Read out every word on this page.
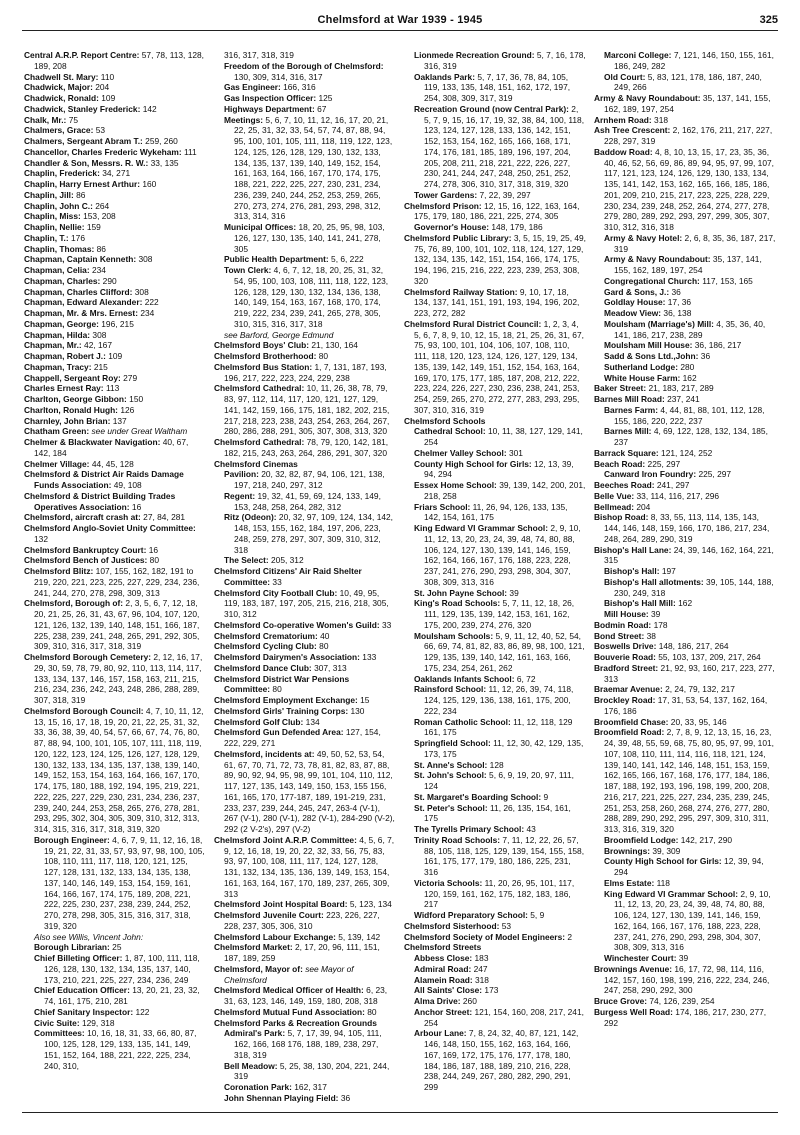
Chelmsford at War 1939 - 1945	325
Central A.R.P. Report Centre: 57, 78, 113, 128, 189, 208
Chadwell St. Mary: 110
Chadwick, Major: 204
Chadwick, Ronald: 109
Chadwick, Stanley Frederick: 142
Chalk, Mr.: 75
Chalmers, Grace: 53
Chalmers, Sergeant Abram T.: 259, 260
Chancellor, Charles Frederic Wykeham: 111
Chandler & Son, Messrs. R. W.: 33, 135
Chaplin, Frederick: 34, 271
Chaplin, Harry Ernest Arthur: 160
Chaplin, Jill: 86
Chaplin, John C.: 264
Chaplin, Miss: 153, 208
Chaplin, Nellie: 159
Chaplin, T.: 176
Chaplin, Thomas: 86
Chapman, Captain Kenneth: 308
Chapman, Celia: 234
Chapman, Charles: 290
Chapman, Charles Clifford: 308
Chapman, Edward Alexander: 222
Chapman, Mr. & Mrs. Ernest: 234
Chapman, George: 196, 215
Chapman, Hilda: 308
Chapman, Mr.: 42, 167
Chapman, Robert J.: 109
Chapman, Tracy: 215
Chappell, Sergeant Roy: 279
Charles Ernest Ray: 113
Charlton, George Gibbon: 150
Charlton, Ronald Hugh: 126
Charnley, John Brian: 137
Chatham Green: see under Great Waltham
Chelmer & Blackwater Navigation: 40, 67, 142, 184
Chelmer Village: 44, 45, 128
Chelmsford & District Air Raids Damage Funds Association: 49, 108
Chelmsford & District Building Trades Operatives Association: 16
Chelmsford, aircraft crash at: 27, 84, 281
Chelmsford Anglo-Soviet Unity Committee: 132
Chelmsford Bankruptcy Court: 16
Chelmsford Bench of Justices: 80
Chelmsford Blitz: 107, 155, 162, 182, 191 to 219, 220, 221, 223, 225, 227, 229, 234, 236, 241, 244, 270, 278, 298, 309, 313
Chelmsford, Borough of: 2, 3, 5, 6, 7, 12, 18, 20, 21, 25, 26, 31, 43, 67, 96, 104, 107, 120, 121, 126, 132, 139, 140, 148, 151, 166, 187, 225, 238, 239, 241, 248, 265, 291, 292, 305, 309, 310, 316, 317, 318, 319
Chelmsford Borough Cemetery: 2, 12, 16, 17, 29, 30, 59, 78, 79, 80, 92, 110, 113, 114, 117, 133, 134, 137, 146, 157, 158, 163, 211, 215, 216, 234, 236, 242, 243, 248, 286, 288, 289, 307, 318, 319
Chelmsford Borough Council: 4, 7, 10, 11, 12, 13, 15, 16, 17, 18, 19, 20, 21, 22, 25, 31, 32, 33, 36, 38, 39, 40, 54, 57, 66, 67, 74, 76, 80, 87, 88, 94, 100, 101, 105, 107, 111, 118, 119, 120, 122, 123, 124, 125, 126, 127, 128, 129, 130, 132, 133, 134, 135, 137, 138, 139, 140, 149, 152, 153, 154, 163, 164, 166, 167, 170, 174, 175, 180, 188, 192, 194, 195, 219, 221, 222, 225, 227, 229, 230, 231, 234, 236, 237, 239, 240, 244, 253, 258, 265, 276, 278, 281, 293, 295, 302, 304, 305, 309, 310, 312, 313, 314, 315, 316, 317, 318, 319, 320
Borough Engineer: 4, 6, 7, 9, 11, 12, 16, 18, 19, 21, 22, 31, 33, 57, 93, 97, 98, 100, 105, 108, 110, 111, 117, 118, 120, 121, 125, 127, 128, 131, 132, 133, 134, 135, 138, 137, 140, 146, 149, 153, 154, 159, 161, 164, 166, 167, 174, 175, 189, 208, 221, 222, 225, 230, 237, 238, 239, 244, 252, 270, 278, 298, 305, 315, 316, 317, 318, 319, 320
Also see Willis, Vincent John:
Borough Librarian: 25
Chief Billeting Officer: 1, 87, 100, 111, 118, 126, 128, 130, 132, 134, 135, 137, 140, 173, 210, 221, 225, 227, 234, 236, 249
Chief Education Officer: 13, 20, 21, 23, 32, 74, 161, 175, 210, 281
Chief Sanitary Inspector: 122
Civic Suite: 129, 318
Committees: 10, 16, 18, 31, 33, 66, 80, 87, 100, 125, 128, 129, 133, 135, 141, 149, 151, 152, 164, 188, 221, 222, 225, 234, 240, 310,
316, 317, 318, 319
Freedom of the Borough of Chelmsford: 130, 309, 314, 316, 317
Gas Engineer: 166, 316
Gas Inspection Officer: 125
Highways Department: 67
Meetings: 5, 6, 7, 10, 11, 12, 16, 17, 20, 21, 22, 25, 31, 32, 33, 54, 57, 74, 87, 88, 94, 95, 100, 101, 105, 111, 118, 119, 122, 123, 124, 125, 126, 128, 129, 130, 132, 133, 134, 135, 137, 139, 140, 149, 152, 154, 161, 163, 164, 166, 167, 170, 174, 175, 188, 221, 222, 225, 227, 230, 231, 234, 236, 239, 240, 244, 252, 253, 259, 265, 270, 273, 274, 276, 281, 293, 298, 312, 313, 314, 316
Municipal Offices: 18, 20, 25, 95, 98, 103, 126, 127, 130, 135, 140, 141, 241, 278, 305
Public Health Department: 5, 6, 222
Town Clerk: 4, 6, 7, 12, 18, 20, 25, 31, 32, 54, 95, 100, 103, 108, 111, 118, 122, 123, 126, 128, 129, 130, 132, 134, 136, 138, 140, 149, 154, 163, 167, 168, 170, 174, 219, 222, 234, 239, 241, 265, 278, 305, 310, 315, 316, 317, 318
see Barford, George Edmund
Chelmsford Boys' Club: 21, 130, 164
Chelmsford Brotherhood: 80
Chelmsford Bus Station: 1, 7, 131, 187, 193, 196, 217, 222, 223, 224, 229, 238
Chelmsford Cathedral: 10, 11, 26, 38, 78, 79, 83, 97, 112, 114, 117, 120, 121, 127, 129, 141, 142, 159, 166, 175, 181, 182, 202, 215, 217, 218, 223, 238, 243, 254, 263, 264, 267, 280, 286, 288, 291, 305, 307, 308, 313, 320
Chelmsford Cathedral: 78, 79, 120, 142, 181, 182, 215, 243, 263, 264, 286, 291, 307, 320
Chelmsford Cinemas
Pavilion: 20, 32, 82, 87, 94, 106, 121, 138, 197, 218, 240, 297, 312
Regent: 19, 32, 41, 59, 69, 124, 133, 149, 153, 248, 258, 264, 282, 312
Ritz (Odeon): 20, 32, 97, 109, 124, 134, 142, 148, 153, 155, 162, 184, 197, 206, 223, 248, 259, 278, 297, 307, 309, 310, 312, 318
The Select: 205, 312
Chelmsford Citizens' Air Raid Shelter Committee: 33
Chelmsford City Football Club: 10, 49, 95, 119, 183, 187, 197, 205, 215, 216, 218, 305, 310, 312
Chelmsford Co-operative Women's Guild: 33
Chelmsford Crematorium: 40
Chelmsford Cycling Club: 80
Chelmsford Dairymen's Association: 133
Chelmsford Dance Club: 307, 313
Chelmsford District War Pensions Committee: 80
Chelmsford Employment Exchange: 15
Chelmsford Girls' Training Corps: 130
Chelmsford Golf Club: 134
Chelmsford Gun Defended Area: 127, 154, 222, 229, 271
Chelmsford, incidents at: 49, 50, 52, 53, 54, 61, 67, 70, 71, 72, 73, 78, 81, 82, 83, 87, 88, 89, 90, 92, 94, 95, 98, 99, 101, 104, 110, 112, 117, 127, 135, 143, 149, 150, 153, 155 156, 161, 165, 170, 177-187, 189, 191-219, 231, 233, 237, 239, 244, 245, 247, 263-4 (V-1), 267 (V-1), 280 (V-1), 282 (V-1), 284-290 (V-2), 292 (2 V-2's), 297 (V-2)
Chelmsford Joint A.R.P. Committee: 4, 5, 6, 7, 9, 12, 16, 18, 19, 20, 22, 32, 33, 56, 75, 83, 93, 97, 100, 108, 111, 117, 124, 127, 128, 131, 132, 134, 135, 136, 139, 149, 153, 154, 161, 163, 164, 167, 170, 189, 237, 265, 309, 313
Chelmsford Joint Hospital Board: 5, 123, 134
Chelmsford Juvenile Court: 223, 226, 227, 228, 237, 305, 306, 310
Chelmsford Labour Exchange: 5, 139, 142
Chelmsford Market: 2, 17, 20, 96, 111, 151, 187, 189, 259
Chelmsford, Mayor of: see Mayor of Chelmsford
Chelmsford Medical Officer of Health: 6, 23, 31, 63, 123, 146, 149, 159, 180, 208, 318
Chelmsford Mutual Fund Association: 80
Chelmsford Parks & Recreation Grounds
Admiral's Park: 5, 7, 17, 39, 94, 105, 111, 162, 166, 168 176, 188, 189, 238, 297, 318, 319
Bell Meadow: 5, 25, 38, 130, 204, 221, 244, 319
Coronation Park: 162, 317
John Shennan Playing Field: 36
Lionmede Recreation Ground: 5, 7, 16, 178, 316, 319
Oaklands Park: 5, 7, 17, 36, 78, 84, 105, 119, 133, 135, 148, 151, 162, 172, 197, 254, 308, 309, 317, 319
Recreation Ground (now Central Park): 2, 5, 7, 9, 15, 16, 17, 19, 32, 38, 84, 100, 118, 123, 124, 127, 128, 133, 136, 142, 151, 152, 153, 154, 162, 165, 166, 168, 171, 174, 176, 181, 185, 189, 196, 197, 204, 205, 208, 211, 218, 221, 222, 226, 227, 230, 241, 244, 247, 248, 250, 251, 252, 274, 278, 306, 310, 317, 318, 319, 320
Tower Gardens: 7, 22, 39, 297
Chelmsford Prison: 12, 15, 16, 122, 163, 164, 175, 179, 180, 186, 221, 225, 274, 305
Governor's House: 148, 179, 186
Chelmsford Public Library: 3, 5, 15, 19, 25, 49, 75, 76, 89, 100, 101, 102, 118, 124, 127, 129, 132, 134, 135, 142, 151, 154, 166, 174, 175, 194, 196, 215, 216, 222, 223, 239, 253, 308, 320
Chelmsford Railway Station: 9, 10, 17, 18, 134, 137, 141, 151, 191, 193, 194, 196, 202, 223, 272, 282
Chelmsford Rural District Council: 1, 2, 3, 4, 5, 6, 7, 8, 9, 10, 12, 15, 18, 21, 25, 26, 31, 67, 75, 93, 100, 101, 104, 106, 107, 108, 110, 111, 118, 120, 123, 124, 126, 127, 129, 134, 135, 139, 142, 149, 151, 152, 154, 163, 164, 169, 170, 175, 177, 185, 187, 208, 212, 222, 223, 224, 226, 227, 230, 236, 238, 241, 253, 254, 259, 265, 270, 272, 277, 283, 293, 295, 307, 310, 316, 319
Chelmsford Schools
Cathedral School: 10, 11, 38, 127, 129, 141, 254
Chelmer Valley School: 301
County High School for Girls: 12, 13, 39, 94, 294
Essex Home School: 39, 139, 142, 200, 201, 218, 258
Friars School: 11, 26, 94, 126, 133, 135, 142, 154, 161, 175
King Edward VI Grammar School: 2, 9, 10, 11, 12, 13, 20, 23, 24, 39, 48, 74, 80, 88, 106, 124, 127, 130, 139, 141, 146, 159, 162, 164, 166, 167, 176, 188, 223, 228, 237, 241, 276, 290, 293, 298, 304, 307, 308, 309, 313, 316
St. John Payne School: 39
King's Road Schools: 5, 7, 11, 12, 18, 26, 111, 129, 135, 139, 142, 153, 161, 162, 175, 200, 239, 274, 276, 320
Moulsham Schools: 5, 9, 11, 12, 40, 52, 54, 66, 69, 74, 81, 82, 83, 86, 89, 98, 100, 121, 129, 135, 139, 140, 142, 161, 163, 166, 175, 234, 254, 261, 262
Oaklands Infants School: 6, 72
Rainsford School: 11, 12, 26, 39, 74, 118, 124, 125, 129, 136, 138, 161, 175, 200, 222, 234
Roman Catholic School: 11, 12, 118, 129 161, 175
Springfield School: 11, 12, 30, 42, 129, 135, 173, 175
St. Anne's School: 128
St. John's School: 5, 6, 9, 19, 20, 97, 111, 124
St. Margaret's Boarding School: 9
St. Peter's School: 11, 26, 135, 154, 161, 175
The Tyrells Primary School: 43
Trinity Road Schools: 7, 11, 12, 22, 26, 57, 88, 105, 118, 125, 129, 139, 154, 155, 158, 161, 175, 177, 179, 180, 186, 225, 231, 316
Victoria Schools: 11, 20, 26, 95, 101, 117, 120, 159, 161, 162, 175, 182, 183, 186, 217
Widford Preparatory School: 5, 9
Chelmsford Sisterhood: 53
Chelmsford Society of Model Engineers: 2
Chelmsford Streets
Abbess Close: 183
Admiral Road: 247
Alamein Road: 318
All Saints' Close: 173
Alma Drive: 260
Anchor Street: 121, 154, 160, 208, 217, 241, 254
Arbour Lane: 7, 8, 24, 32, 40, 87, 121, 142, 146, 148, 150, 155, 162, 163, 164, 166, 167, 169, 172, 175, 176, 177, 178, 180, 184, 186, 187, 188, 189, 210, 216, 228, 238, 244, 249, 267, 280, 282, 290, 291, 299
Marconi College: 7, 121, 146, 150, 155, 161, 186, 249, 282
Old Court: 5, 83, 121, 178, 186, 187, 240, 249, 266
Army & Navy Roundabout: 35, 137, 141, 155, 162, 189, 197, 254
Arnhem Road: 318
Ash Tree Crescent: 2, 162, 176, 211, 217, 227, 228, 297, 319
Baddow Road: 4, 8, 10, 13, 15, 17, 23, 35, 36, 40, 46, 52, 56, 69, 86, 89, 94, 95, 97, 99, 107, 117, 121, 123, 124, 126, 129, 130, 133, 134, 135, 141, 142, 153, 162, 165, 166, 185, 186, 201, 209, 210, 215, 217, 223, 225, 228, 229, 230, 234, 239, 248, 252, 264, 274, 277, 278, 279, 280, 289, 292, 293, 297, 299, 305, 307, 310, 312, 316, 318
Army & Navy Hotel: 2, 6, 8, 35, 36, 187, 217, 319
Army & Navy Roundabout: 35, 137, 141, 155, 162, 189, 197, 254
Congregational Church: 117, 153, 165
Gard & Sons, J.: 36
Goldlay House: 17, 36
Meadow View: 36, 138
Moulsham (Marriage's) Mill: 4, 35, 36, 40, 141, 186, 217, 238, 289
Moulsham Mill House: 36, 186, 217
Sadd & Sons Ltd.,John: 36
Sutherland Lodge: 280
White House Farm: 162
Baker Street: 21, 183, 217, 289
Barnes Mill Road: 237, 241
Barnes Farm: 4, 44, 81, 88, 101, 112, 128, 155, 186, 220, 222, 237
Barnes Mill: 4, 69, 122, 128, 132, 134, 185, 237
Barrack Square: 121, 124, 252
Beach Road: 225, 297
Canward Iron Foundry: 225, 297
Beeches Road: 241, 297
Belle Vue: 33, 114, 116, 217, 296
Bellmead: 204
Bishop Road: 8, 33, 55, 113, 114, 135, 143, 144, 146, 148, 159, 166, 170, 186, 217, 234, 248, 264, 289, 290, 319
Bishop's Hall Lane: 24, 39, 146, 162, 164, 221, 315
Bishop's Hall: 197
Bishop's Hall allotments: 39, 105, 144, 188, 230, 249, 318
Bishop's Hall Mill: 162
Mill House: 39
Bodmin Road: 178
Bond Street: 38
Boswells Drive: 148, 186, 217, 264
Bouverie Road: 55, 103, 137, 209, 217, 264
Bradford Street: 21, 92, 93, 160, 217, 223, 277, 313
Braemar Avenue: 2, 24, 79, 132, 217
Brockley Road: 17, 31, 53, 54, 137, 162, 164, 176, 186
Broomfield Chase: 20, 33, 95, 146
Broomfield Road: 2, 7, 8, 9, 12, 13, 15, 16, 23, 24, 39, 48, 55, 59, 68, 75, 80, 95, 97, 99, 101, 107, 108, 110, 111, 114, 116, 118, 121, 124, 139, 140, 141, 142, 146, 148, 151, 153, 159, 162, 165, 166, 167, 168, 176, 177, 184, 186, 187, 188, 192, 193, 196, 198, 199, 200, 208, 216, 217, 221, 225, 227, 234, 235, 239, 245, 251, 253, 258, 260, 268, 274, 276, 277, 280, 288, 289, 290, 292, 295, 297, 309, 310, 311, 313, 316, 319, 320
Broomfield Lodge: 142, 217, 290
Brownings: 39, 309
County High School for Girls: 12, 39, 94, 294
Elms Estate: 118
King Edward VI Grammar School: 2, 9, 10, 11, 12, 13, 20, 23, 24, 39, 48, 74, 80, 88, 106, 124, 127, 130, 139, 141, 146, 159, 162, 164, 166, 167, 176, 188, 223, 228, 237, 241, 276, 290, 293, 298, 304, 307, 308, 309, 313, 316
Winchester Court: 39
Brownings Avenue: 16, 17, 72, 98, 114, 116, 142, 157, 160, 198, 199, 216, 222, 234, 246, 247, 258, 290, 292, 300
Bruce Grove: 74, 126, 239, 254
Burgess Well Road: 174, 186, 217, 230, 277, 292
